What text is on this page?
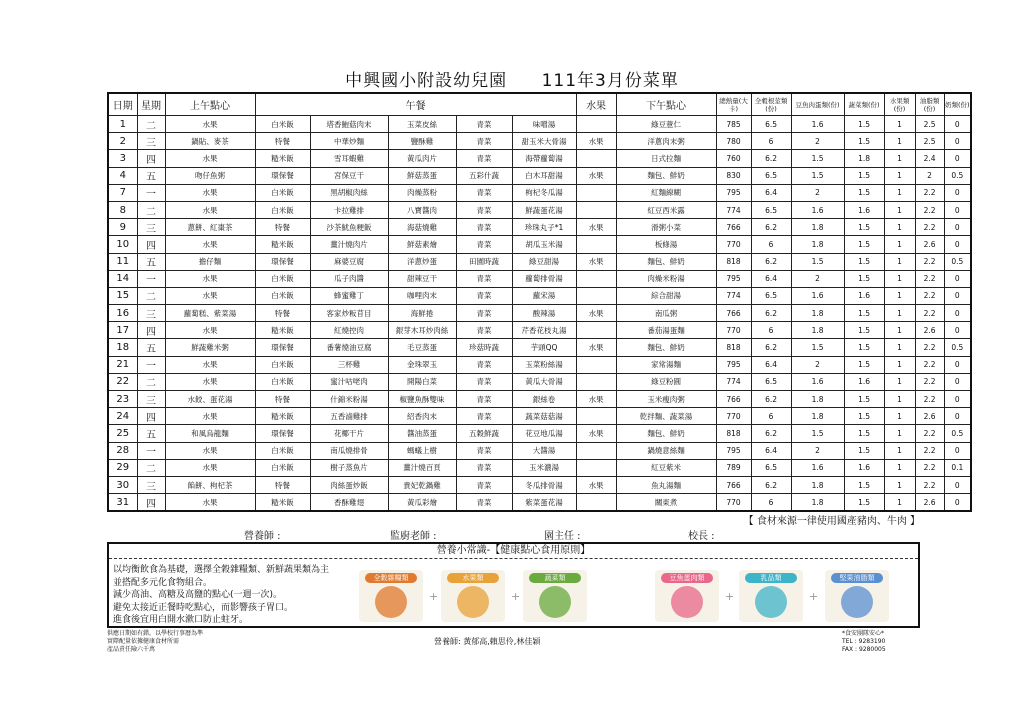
中興國小附設幼兒園 111年3月份菜單
日期	星期	上午點心	午餐					水果	下午點心	總熱量(大卡)	全穀根莖類(份)	豆魚肉蛋類(份)	蔬菜類(份)	水果類(份)	油脂類(份)	奶類(份)
1	二	水果	白米飯	塔香鮑菇肉末	玉菜皮絲	青菜	味噌湯		綠豆薏仁	785	6.5	1.6	1.5	1	2.5	0
2	三	鍋貼、麥茶	特餐	中華炒麵	鹽酥雞	青菜	甜玉米大骨湯	水果	洋蔥肉末粥	780	6	2	1.5	1	2.5	0
3	四	水果	糙米飯	雪耳蝦雞	黃瓜肉片	青菜	海帶蘿蔔湯		日式拉麵	760	6.2	1.5	1.8	1	2.4	0
4	五	吻仔魚粥	環保餐	宮保豆干	鮮菇蒸蛋	五彩什蔬	白木耳甜湯	水果	麵包、鮮奶	830	6.5	1.5	1.5	1	2	0.5
7	一	水果	白米飯	黑胡椒肉絲	肉燥蒸粉	青菜	枸杞冬瓜湯		紅麵線糊	795	6.4	2	1.5	1	2.2	0
8	二	水果	白米飯	卡拉雞排	八寶醬肉	青菜	鮮蔬蛋花湯		紅豆西米露	774	6.5	1.6	1.6	1	2.2	0
9	三	蔥餅、紅棗茶	特餐	沙茶魷魚粳飯	海菇燒雞	青菜	珍珠丸子*1	水果	滑粥小菜	766	6.2	1.8	1.5	1	2.2	0
10	四	水果	糙米飯	薑汁燒肉片	鮮菇素燴	青菜	胡瓜玉米湯		板條湯	770	6	1.8	1.5	1	2.6	0
11	五	擔仔麵	環保餐	麻婆豆腐	洋蔥炒蛋	田園時蔬	綠豆甜湯	水果	麵包、鮮奶	818	6.2	1.5	1.5	1	2.2	0.5
14	一	水果	白米飯	瓜子肉醬	甜辣豆干	青菜	蘿蔔排骨湯		肉燥米粉湯	795	6.4	2	1.5	1	2.2	0
15	二	水果	白米飯	蜂蜜雞丁	咖哩肉末	青菜	蘿宋湯		綜合甜湯	774	6.5	1.6	1.6	1	2.2	0
16	三	蘿蔔糕、紫菜湯	特餐	客家炒粄苜目	海鮮捲	青菜	酸辣湯	水果	南瓜粥	766	6.2	1.8	1.5	1	2.2	0
17	四	水果	糙米飯	紅燒控肉	銀芽木耳炒肉絲	青菜	芹香花枝丸湯		番茄湯蛋麵	770	6	1.8	1.5	1	2.6	0
18	五	鮮蔬雞米粥	環保餐	番薯燒油豆腐	毛豆蒸蛋	珍菇時蔬	芋頭QQ	水果	麵包、鮮奶	818	6.2	1.5	1.5	1	2.2	0.5
21	一	水果	白米飯	三杯雞	金珠翠玉	青菜	玉菜粉絲湯		家常湯麵	795	6.4	2	1.5	1	2.2	0
22	二	水果	白米飯	蜜汁咕咾肉	開陽白菜	青菜	黃瓜大骨湯		綠豆粉圓	774	6.5	1.6	1.6	1	2.2	0
23	三	水餃、蛋花湯	特餐	什錦米粉湯	椒鹽魚酥雙味	青菜	銀絲卷	水果	玉米瘦肉粥	766	6.2	1.8	1.5	1	2.2	0
24	四	水果	糙米飯	五香滷雞排	紹香肉末	青菜	蔬菜菇菇湯		乾拌麵、蔬菜湯	770	6	1.8	1.5	1	2.6	0
25	五	和風烏龍麵	環保餐	花椰干片	醬油蒸蛋	五穀鮮蔬	花豆地瓜湯	水果	麵包、鮮奶	818	6.2	1.5	1.5	1	2.2	0.5
28	一	水果	白米飯	南瓜燒排骨	螞蟻上樹	青菜	大醬湯		鍋燒意絲麵	795	6.4	2	1.5	1	2.2	0
29	二	水果	白米飯	樹子蒸魚片	薑汁燒百頁	青菜	玉米濃湯		紅豆紫米	789	6.5	1.6	1.6	1	2.2	0.1
30	三	餡餅、枸杞茶	特餐	肉絲蛋炒飯	貴妃乾鍋雞	青菜	冬瓜排骨湯	水果	魚丸湯麵	766	6.2	1.8	1.5	1	2.2	0
31	四	水果	糙米飯	香酥雞翅	黃瓜彩燴	青菜	紫菜蛋花湯		關東煮	770	6	1.8	1.5	1	2.6	0
【 食材來源一律使用國產豬肉、牛肉 】
營養師 :	監廚老師 :	園主任 :	校長 :
營養小常識-【健康點心食用原則】
以均衡飲食為基礎，選擇全穀雜糧類、新鮮蔬果類為主
並搭配多元化食物組合。
減少高油、高糖及高鹽的點心(一週一次)。
避免太接近正餐時吃點心，而影響孩子胃口。
進食後宜用白開水漱口防止蛀牙。
全穀雜糧類
+
水果類
+
蔬菜類	豆魚蛋肉類
+
乳品類
+
堅果油脂類
供應日期如有錯，以學校行事曆為準
實際配量依據健康食材所需
產品責任險六千萬
營養師: 黃郁高,賴思伶,林佳穎
*食安團隊安心*
TEL : 9283190
FAX : 9280005
